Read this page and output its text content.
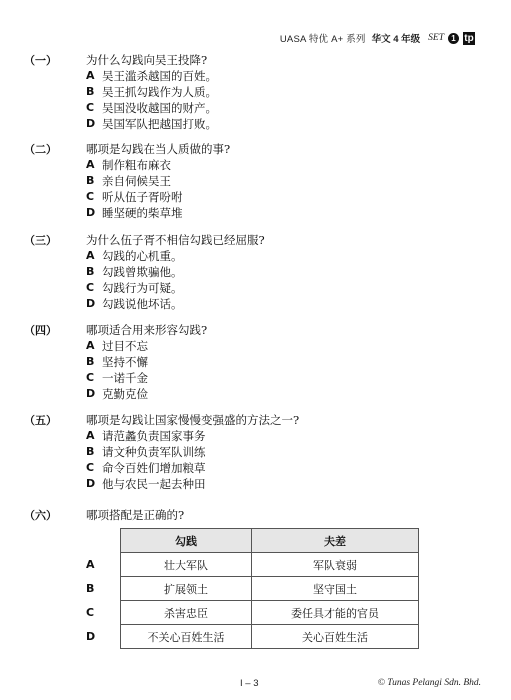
UASA 特优 A+ 系列 华文 4 年级 SET 1 tp
（一）	为什么勾践向吴王投降?
A 吴王滥杀越国的百姓。
B 吴王抓勾践作为人质。
C 吴国没收越国的财产。
D 吴国军队把越国打败。
（二）	哪项是勾践在当人质做的事?
A 制作粗布麻衣
B 亲自伺候吴王
C 听从伍子胥吩咐
D 睡坚硬的柴草堆
（三）	为什么伍子胥不相信勾践已经屈服?
A 勾践的心机重。
B 勾践曾欺骗他。
C 勾践行为可疑。
D 勾践说他坏话。
（四）	哪项适合用来形容勾践?
A 过目不忘
B 坚持不懈
C 一诺千金
D 克勤克俭
（五）	哪项是勾践让国家慢慢变强盛的方法之一?
A 请范蠡负责国家事务
B 请文种负责军队训练
C 命令百姓们增加粮草
D 他与农民一起去种田
（六）	哪项搭配是正确的?
	勾践	夫差
A	壮大军队	军队衰弱
B	扩展领土	坚守国土
C	杀害忠臣	委任具才能的官员
D	不关心百姓生活	关心百姓生活
I – 3	© Tunas Pelangi Sdn. Bhd.
